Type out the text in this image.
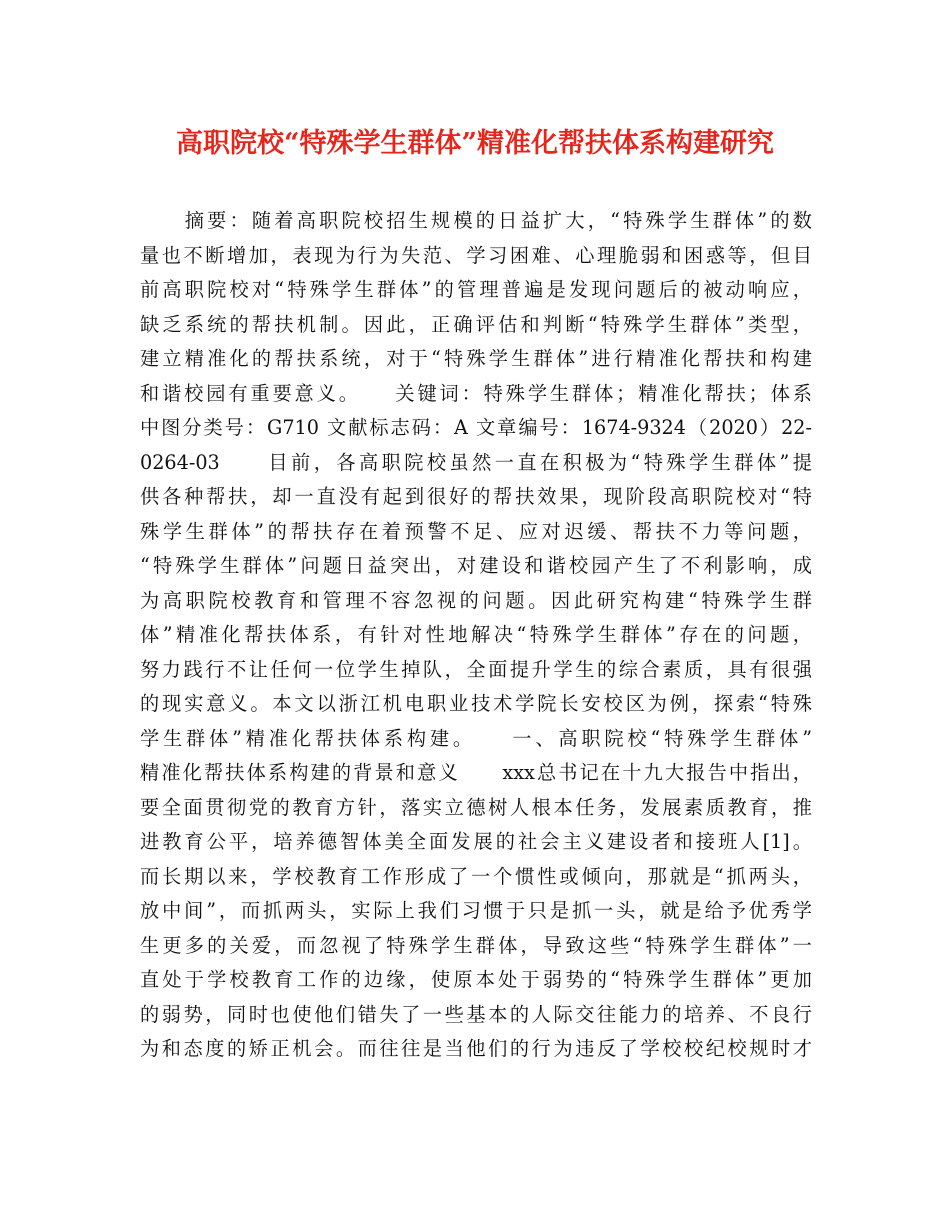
高职院校“特殊学生群体”精准化帮扶体系构建研究
　　摘要：随着高职院校招生规模的日益扩大，“特殊学生群体”的数
量也不断增加，表现为行为失范、学习困难、心理脆弱和困惑等，但目
前高职院校对“特殊学生群体”的管理普遍是发现问题后的被动响应，
缺乏系统的帮扶机制。因此，正确评估和判断“特殊学生群体”类型，
建立精准化的帮扶系统，对于“特殊学生群体”进行精准化帮扶和构建
和谐校园有重要意义。　　关键词：特殊学生群体；精准化帮扶；体系
中图分类号：G710 文献标志码：A 文章编号：1674-9324（2020）22-
0264-03　　目前，各高职院校虽然一直在积极为“特殊学生群体”提
供各种帮扶，却一直没有起到很好的帮扶效果，现阶段高职院校对“特
殊学生群体”的帮扶存在着预警不足、应对迟缓、帮扶不力等问题，
“特殊学生群体”问题日益突出，对建设和谐校园产生了不利影响，成
为高职院校教育和管理不容忽视的问题。因此研究构建“特殊学生群
体”精准化帮扶体系，有针对性地解决“特殊学生群体”存在的问题，
努力践行不让任何一位学生掉队，全面提升学生的综合素质，具有很强
的现实意义。本文以浙江机电职业技术学院长安校区为例，探索“特殊
学生群体”精准化帮扶体系构建。　　一、高职院校“特殊学生群体”
精准化帮扶体系构建的背景和意义　　xxx总书记在十九大报告中指出，
要全面贯彻党的教育方针，落实立德树人根本任务，发展素质教育，推
进教育公平，培养德智体美全面发展的社会主义建设者和接班人[1]。
而长期以来，学校教育工作形成了一个惯性或倾向，那就是“抓两头，
放中间”，而抓两头，实际上我们习惯于只是抓一头，就是给予优秀学
生更多的关爱，而忽视了特殊学生群体，导致这些“特殊学生群体”一
直处于学校教育工作的边缘，使原本处于弱势的“特殊学生群体”更加
的弱势，同时也使他们错失了一些基本的人际交往能力的培养、不良行
为和态度的矫正机会。而往往是当他们的行为违反了学校校纪校规时才
